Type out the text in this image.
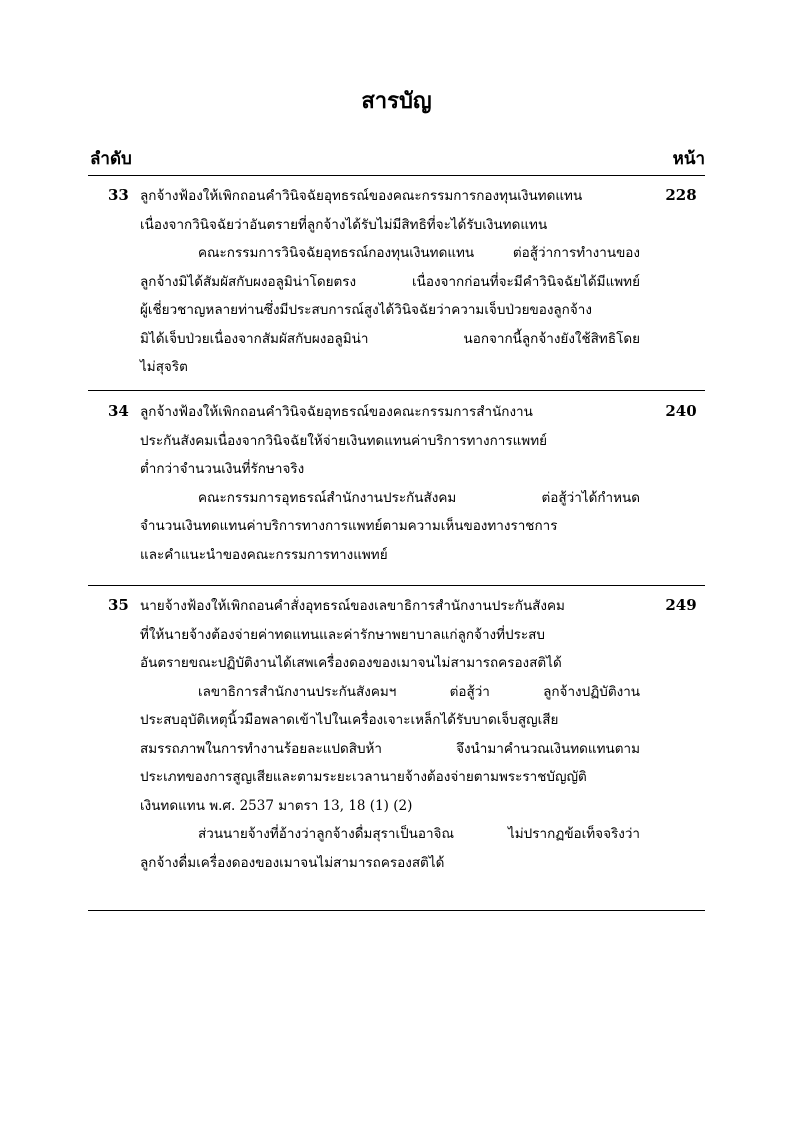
สารบัญ
ลำดับ	หน้า
33 ลูกจ้างฟ้องให้เพิกถอนคำวินิจฉัยอุทธรณ์ของคณะกรรมการกองทุนเงินทดแทน
เนื่องจากวินิจฉัยว่าอันตรายที่ลูกจ้างได้รับไม่มีสิทธิที่จะได้รับเงินทดแทน
คณะกรรมการวินิจฉัยอุทธรณ์กองทุนเงินทดแทน ต่อสู้ว่าการทำงานของ
ลูกจ้างมิได้สัมผัสกับผงอลูมิน่าโดยตรง เนื่องจากก่อนที่จะมีคำวินิจฉัยได้มีแพทย์
ผู้เชี่ยวชาญหลายท่านซึ่งมีประสบการณ์สูงได้วินิจฉัยว่าความเจ็บป่วยของลูกจ้าง
มิได้เจ็บป่วยเนื่องจากสัมผัสกับผงอลูมิน่า นอกจากนี้ลูกจ้างยังใช้สิทธิโดย
ไม่สุจริต
228
34 ลูกจ้างฟ้องให้เพิกถอนคำวินิจฉัยอุทธรณ์ของคณะกรรมการสำนักงาน
ประกันสังคมเนื่องจากวินิจฉัยให้จ่ายเงินทดแทนค่าบริการทางการแพทย์
ต่ำกว่าจำนวนเงินที่รักษาจริง
คณะกรรมการอุทธรณ์สำนักงานประกันสังคม ต่อสู้ว่าได้กำหนด
จำนวนเงินทดแทนค่าบริการทางการแพทย์ตามความเห็นของทางราชการ
และคำแนะนำของคณะกรรมการทางแพทย์
240
35 นายจ้างฟ้องให้เพิกถอนคำสั่งอุทธรณ์ของเลขาธิการสำนักงานประกันสังคม
ที่ให้นายจ้างต้องจ่ายค่าทดแทนและค่ารักษาพยาบาลแก่ลูกจ้างที่ประสบ
อันตรายขณะปฏิบัติงานได้เสพเครื่องดองของเมาจนไม่สามารถครองสติได้
เลขาธิการสำนักงานประกันสังคมฯ ต่อสู้ว่า ลูกจ้างปฏิบัติงาน
ประสบอุบัติเหตุนิ้วมือพลาดเข้าไปในเครื่องเจาะเหล็กได้รับบาดเจ็บสูญเสีย
สมรรถภาพในการทำงานร้อยละแปดสิบห้า จึงนำมาคำนวณเงินทดแทนตาม
ประเภทของการสูญเสียและตามระยะเวลานายจ้างต้องจ่ายตามพระราชบัญญัติ
เงินทดแทน พ.ศ. 2537 มาตรา 13, 18 (1) (2)
ส่วนนายจ้างที่อ้างว่าลูกจ้างดื่มสุราเป็นอาจิณ ไม่ปรากฏข้อเท็จจริงว่า
ลูกจ้างดื่มเครื่องดองของเมาจนไม่สามารถครองสติได้
249
